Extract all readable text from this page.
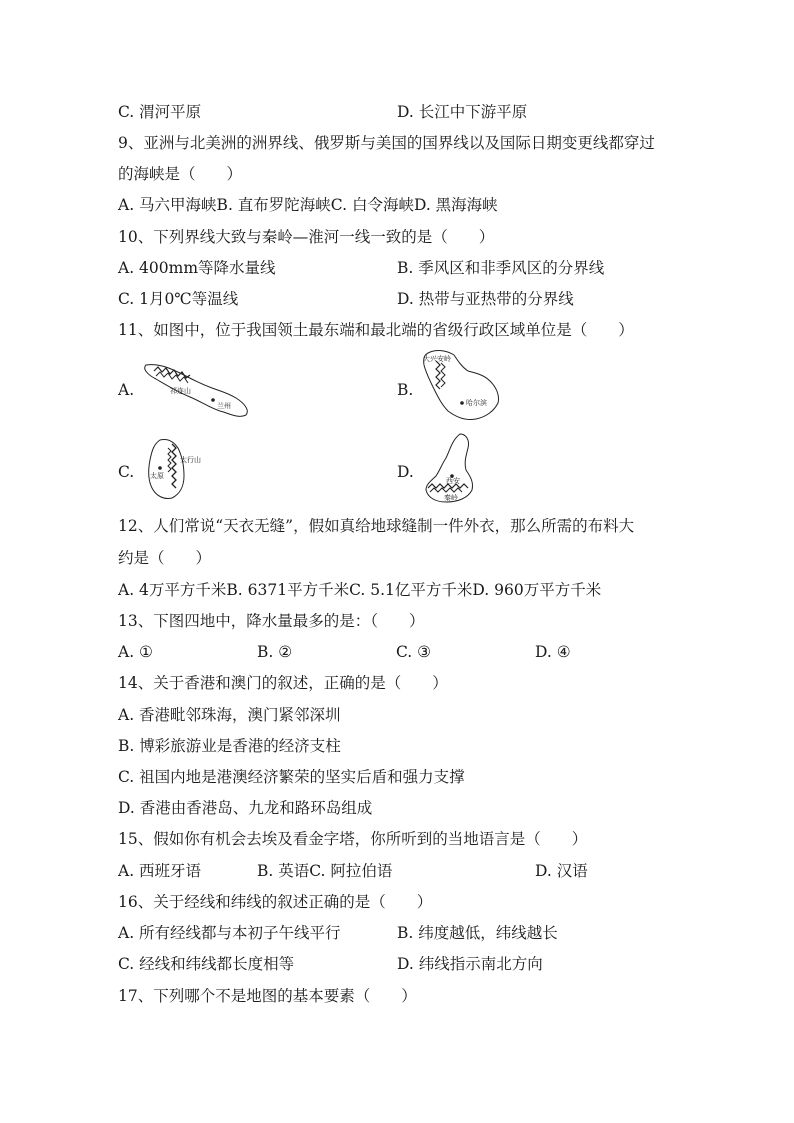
C. 渭河平原	D. 长江中下游平原
9、亚洲与北美洲的洲界线、俄罗斯与美国的国界线以及国际日期变更线都穿过
的海峡是（　　）
A. 马六甲海峡B. 直布罗陀海峡C. 白令海峡D. 黑海海峡
10、下列界线大致与秦岭—淮河一线一致的是（　　）
A. 400mm等降水量线	B. 季风区和非季风区的分界线
C. 1月0℃等温线	D. 热带与亚热带的分界线
11、如图中，位于我国领土最东端和最北端的省级行政区域单位是（　　）
A.	祁连山
兰州
B.
大兴安岭
哈尔滨
C.
太行山
太原	D.	西安
秦岭
12、人们常说“天衣无缝”，假如真给地球缝制一件外衣，那么所需的布料大
约是（　　）
A. 4万平方千米B. 6371平方千米C. 5.1亿平方千米D. 960万平方千米
13、下图四地中，降水量最多的是：（　　）
A. ①	B. ②	C. ③	D. ④
14、关于香港和澳门的叙述，正确的是（　　）
A. 香港毗邻珠海，澳门紧邻深圳
B. 博彩旅游业是香港的经济支柱
C. 祖国内地是港澳经济繁荣的坚实后盾和强力支撑
D. 香港由香港岛、九龙和路环岛组成
15、假如你有机会去埃及看金字塔，你所听到的当地语言是（　　）
A. 西班牙语	B. 英语C. 阿拉伯语	D. 汉语
16、关于经线和纬线的叙述正确的是（　　）
A. 所有经线都与本初子午线平行	B. 纬度越低，纬线越长
C. 经线和纬线都长度相等	D. 纬线指示南北方向
17、下列哪个不是地图的基本要素（　　）
